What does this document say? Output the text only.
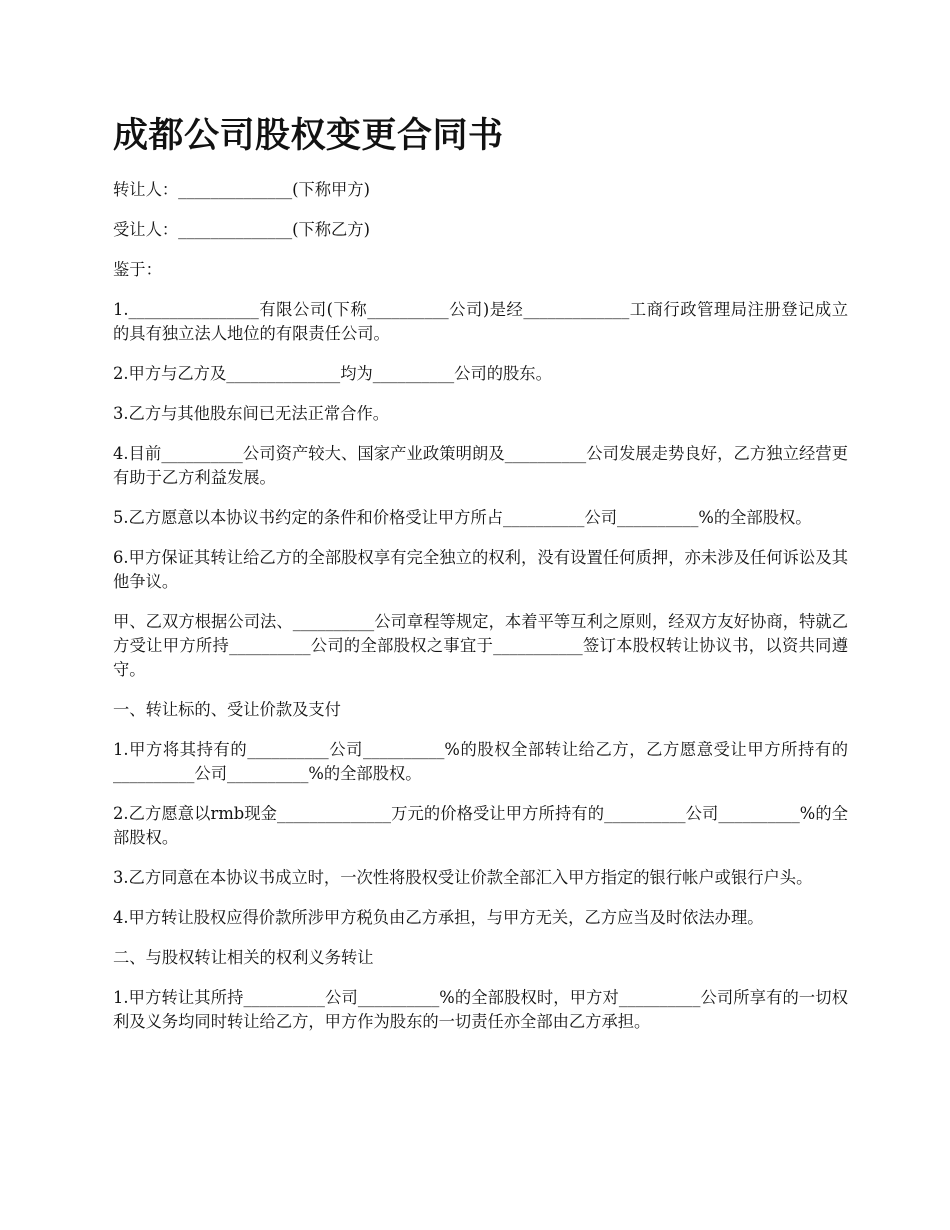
成都公司股权变更合同书

转让人：______________(下称甲方)

受让人：______________(下称乙方)

鉴于：

1.________________有限公司(下称__________公司)是经_____________工商行政管理局注册登记成立的具有独立法人地位的有限责任公司。

2.甲方与乙方及______________均为__________公司的股东。

3.乙方与其他股东间已无法正常合作。

4.目前__________公司资产较大、国家产业政策明朗及__________公司发展走势良好，乙方独立经营更有助于乙方利益发展。

5.乙方愿意以本协议书约定的条件和价格受让甲方所占__________公司__________%的全部股权。

6.甲方保证其转让给乙方的全部股权享有完全独立的权利，没有设置任何质押，亦未涉及任何诉讼及其他争议。

甲、乙双方根据公司法、__________公司章程等规定，本着平等互利之原则，经双方友好协商，特就乙方受让甲方所持__________公司的全部股权之事宜于___________签订本股权转让协议书，以资共同遵守。

一、转让标的、受让价款及支付

1.甲方将其持有的__________公司__________%的股权全部转让给乙方，乙方愿意受让甲方所持有的__________公司__________%的全部股权。

2.乙方愿意以rmb现金______________万元的价格受让甲方所持有的__________公司__________%的全部股权。

3.乙方同意在本协议书成立时，一次性将股权受让价款全部汇入甲方指定的银行帐户或银行户头。

4.甲方转让股权应得价款所涉甲方税负由乙方承担，与甲方无关，乙方应当及时依法办理。

二、与股权转让相关的权利义务转让

1.甲方转让其所持__________公司__________%的全部股权时，甲方对__________公司所享有的一切权利及义务均同时转让给乙方，甲方作为股东的一切责任亦全部由乙方承担。
